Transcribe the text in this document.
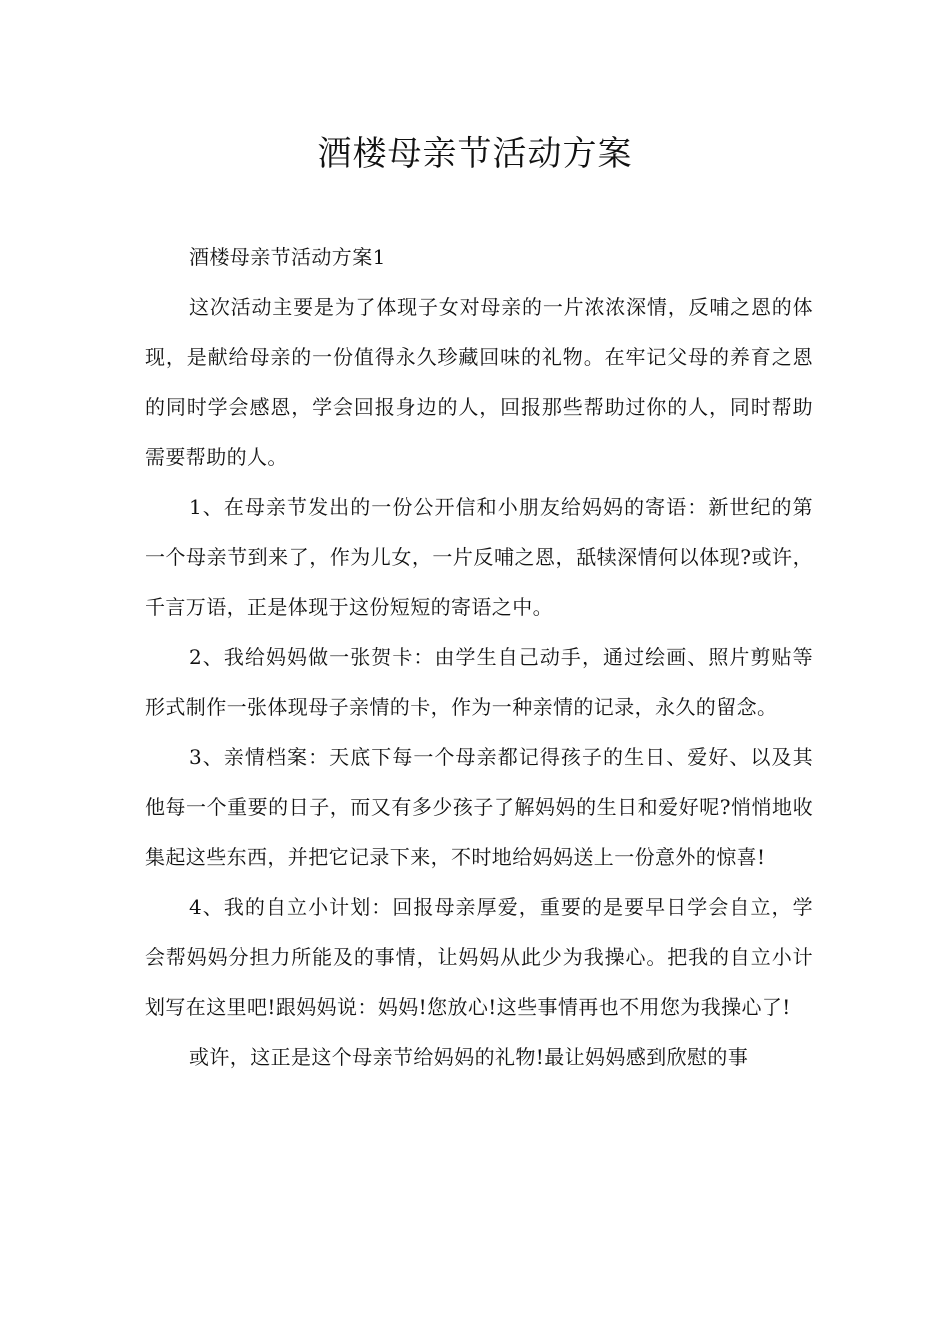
酒楼母亲节活动方案

酒楼母亲节活动方案1

这次活动主要是为了体现子女对母亲的一片浓浓深情，反哺之恩的体现，是献给母亲的一份值得永久珍藏回味的礼物。在牢记父母的养育之恩的同时学会感恩，学会回报身边的人，回报那些帮助过你的人，同时帮助需要帮助的人。

1、在母亲节发出的一份公开信和小朋友给妈妈的寄语：新世纪的第一个母亲节到来了，作为儿女，一片反哺之恩，舐犊深情何以体现?或许，千言万语，正是体现于这份短短的寄语之中。

2、我给妈妈做一张贺卡：由学生自己动手，通过绘画、照片剪贴等形式制作一张体现母子亲情的卡，作为一种亲情的记录，永久的留念。

3、亲情档案：天底下每一个母亲都记得孩子的生日、爱好、以及其他每一个重要的日子，而又有多少孩子了解妈妈的生日和爱好呢?悄悄地收集起这些东西，并把它记录下来，不时地给妈妈送上一份意外的惊喜!

4、我的自立小计划：回报母亲厚爱，重要的是要早日学会自立，学会帮妈妈分担力所能及的事情，让妈妈从此少为我操心。把我的自立小计划写在这里吧!跟妈妈说：妈妈!您放心!这些事情再也不用您为我操心了!

或许，这正是这个母亲节给妈妈的礼物!最让妈妈感到欣慰的事
